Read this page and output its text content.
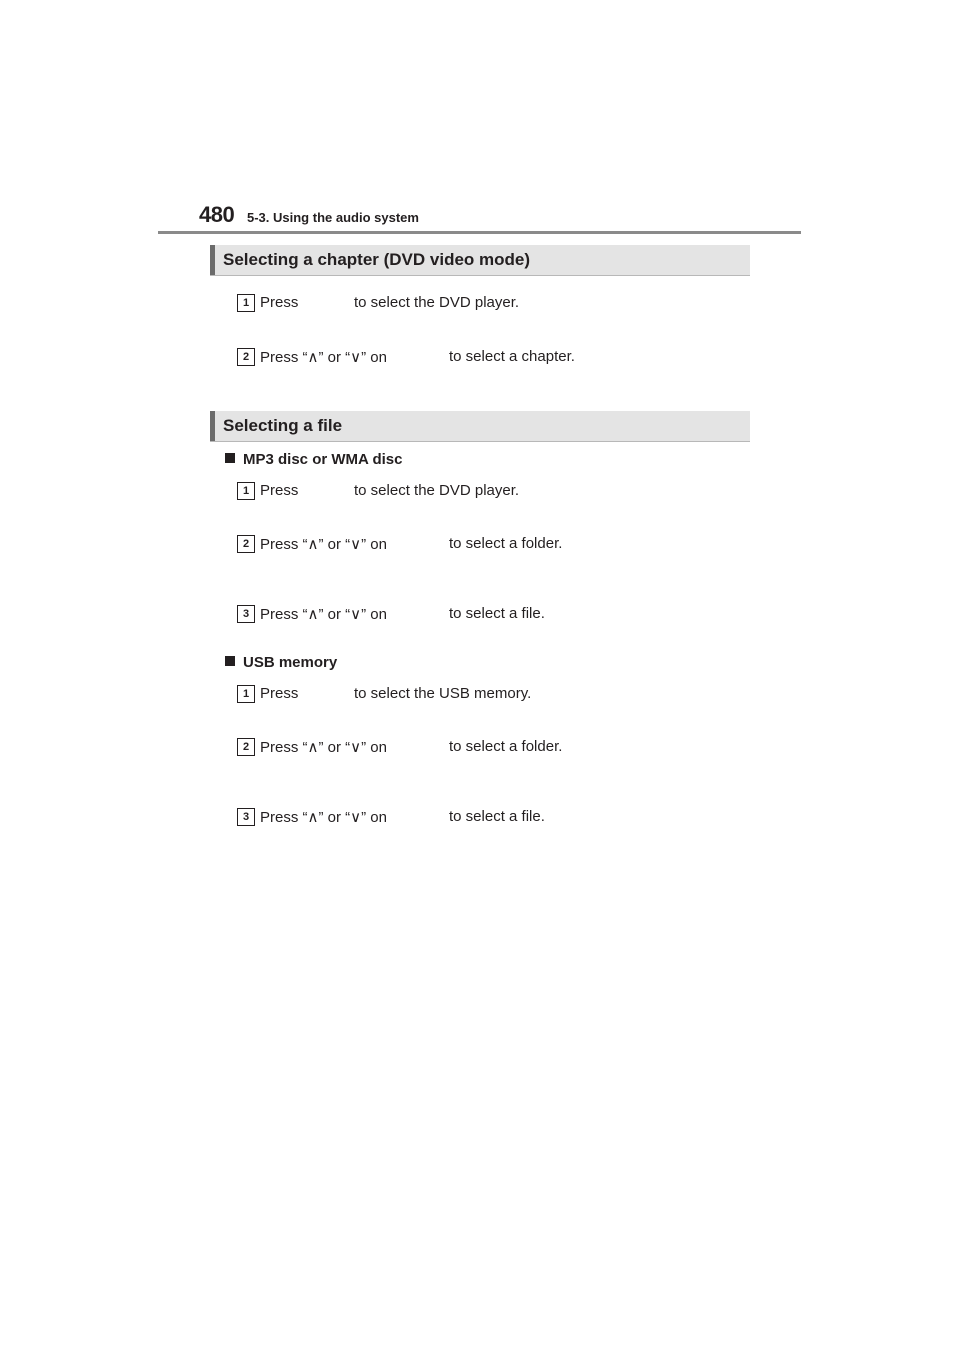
480 5-3. Using the audio system
Selecting a chapter (DVD video mode)
1 Press	to select the DVD player.
2 Press “∧” or “∨” on	to select a chapter.
Selecting a file
MP3 disc or WMA disc
1 Press	to select the DVD player.
2 Press “∧” or “∨” on	to select a folder.
3 Press “∧” or “∨” on	to select a file.
USB memory
1 Press	to select the USB memory.
2 Press “∧” or “∨” on	to select a folder.
3 Press “∧” or “∨” on	to select a file.
